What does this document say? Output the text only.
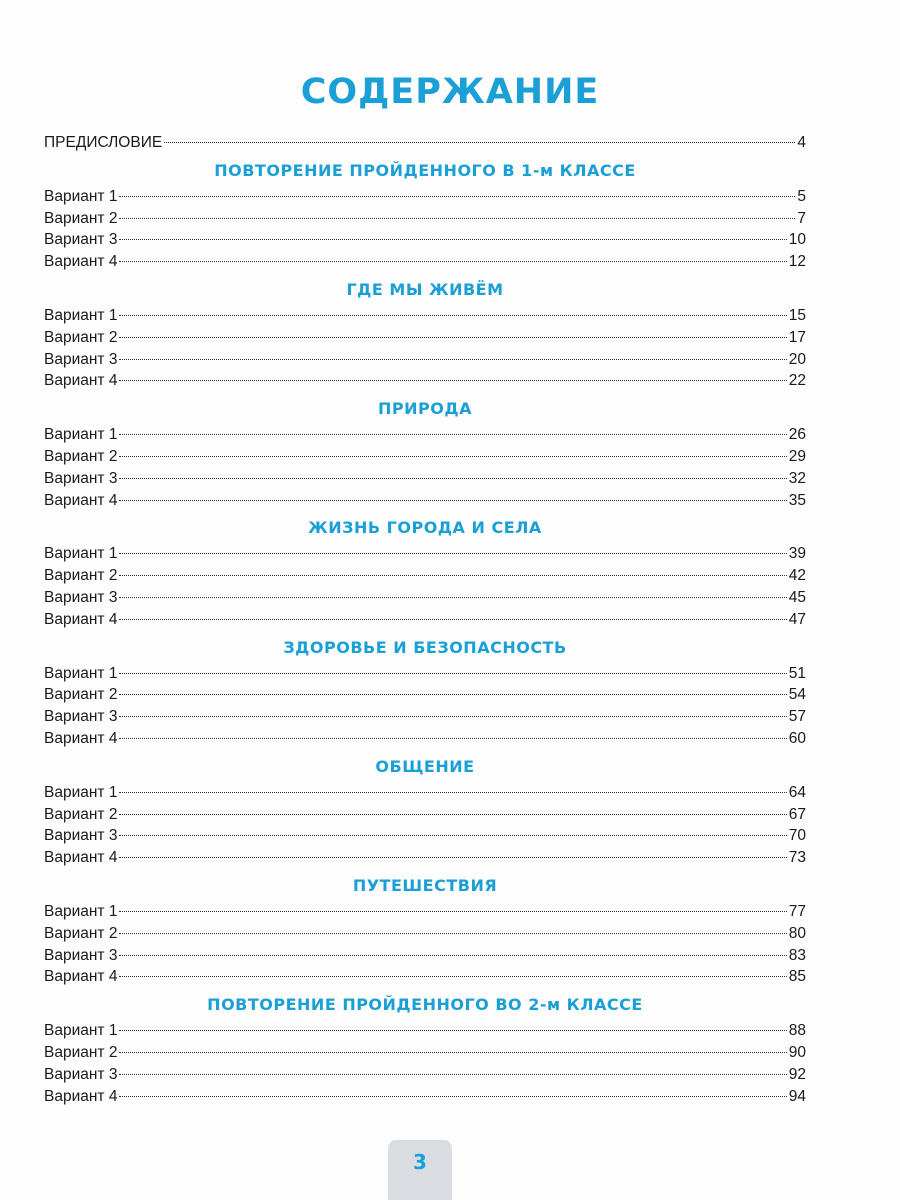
СОДЕРЖАНИЕ
ПРЕДИСЛОВИЕ	4
ПОВТОРЕНИЕ ПРОЙДЕННОГО В 1-м КЛАССЕ
Вариант 1	5
Вариант 2	7
Вариант 3	10
Вариант 4	12
ГДЕ МЫ ЖИВЁМ
Вариант 1	15
Вариант 2	17
Вариант 3	20
Вариант 4	22
ПРИРОДА
Вариант 1	26
Вариант 2	29
Вариант 3	32
Вариант 4	35
ЖИЗНЬ ГОРОДА И СЕЛА
Вариант 1	39
Вариант 2	42
Вариант 3	45
Вариант 4	47
ЗДОРОВЬЕ И БЕЗОПАСНОСТЬ
Вариант 1	51
Вариант 2	54
Вариант 3	57
Вариант 4	60
ОБЩЕНИЕ
Вариант 1	64
Вариант 2	67
Вариант 3	70
Вариант 4	73
ПУТЕШЕСТВИЯ
Вариант 1	77
Вариант 2	80
Вариант 3	83
Вариант 4	85
ПОВТОРЕНИЕ ПРОЙДЕННОГО ВО 2-м КЛАССЕ
Вариант 1	88
Вариант 2	90
Вариант 3	92
Вариант 4	94
3
